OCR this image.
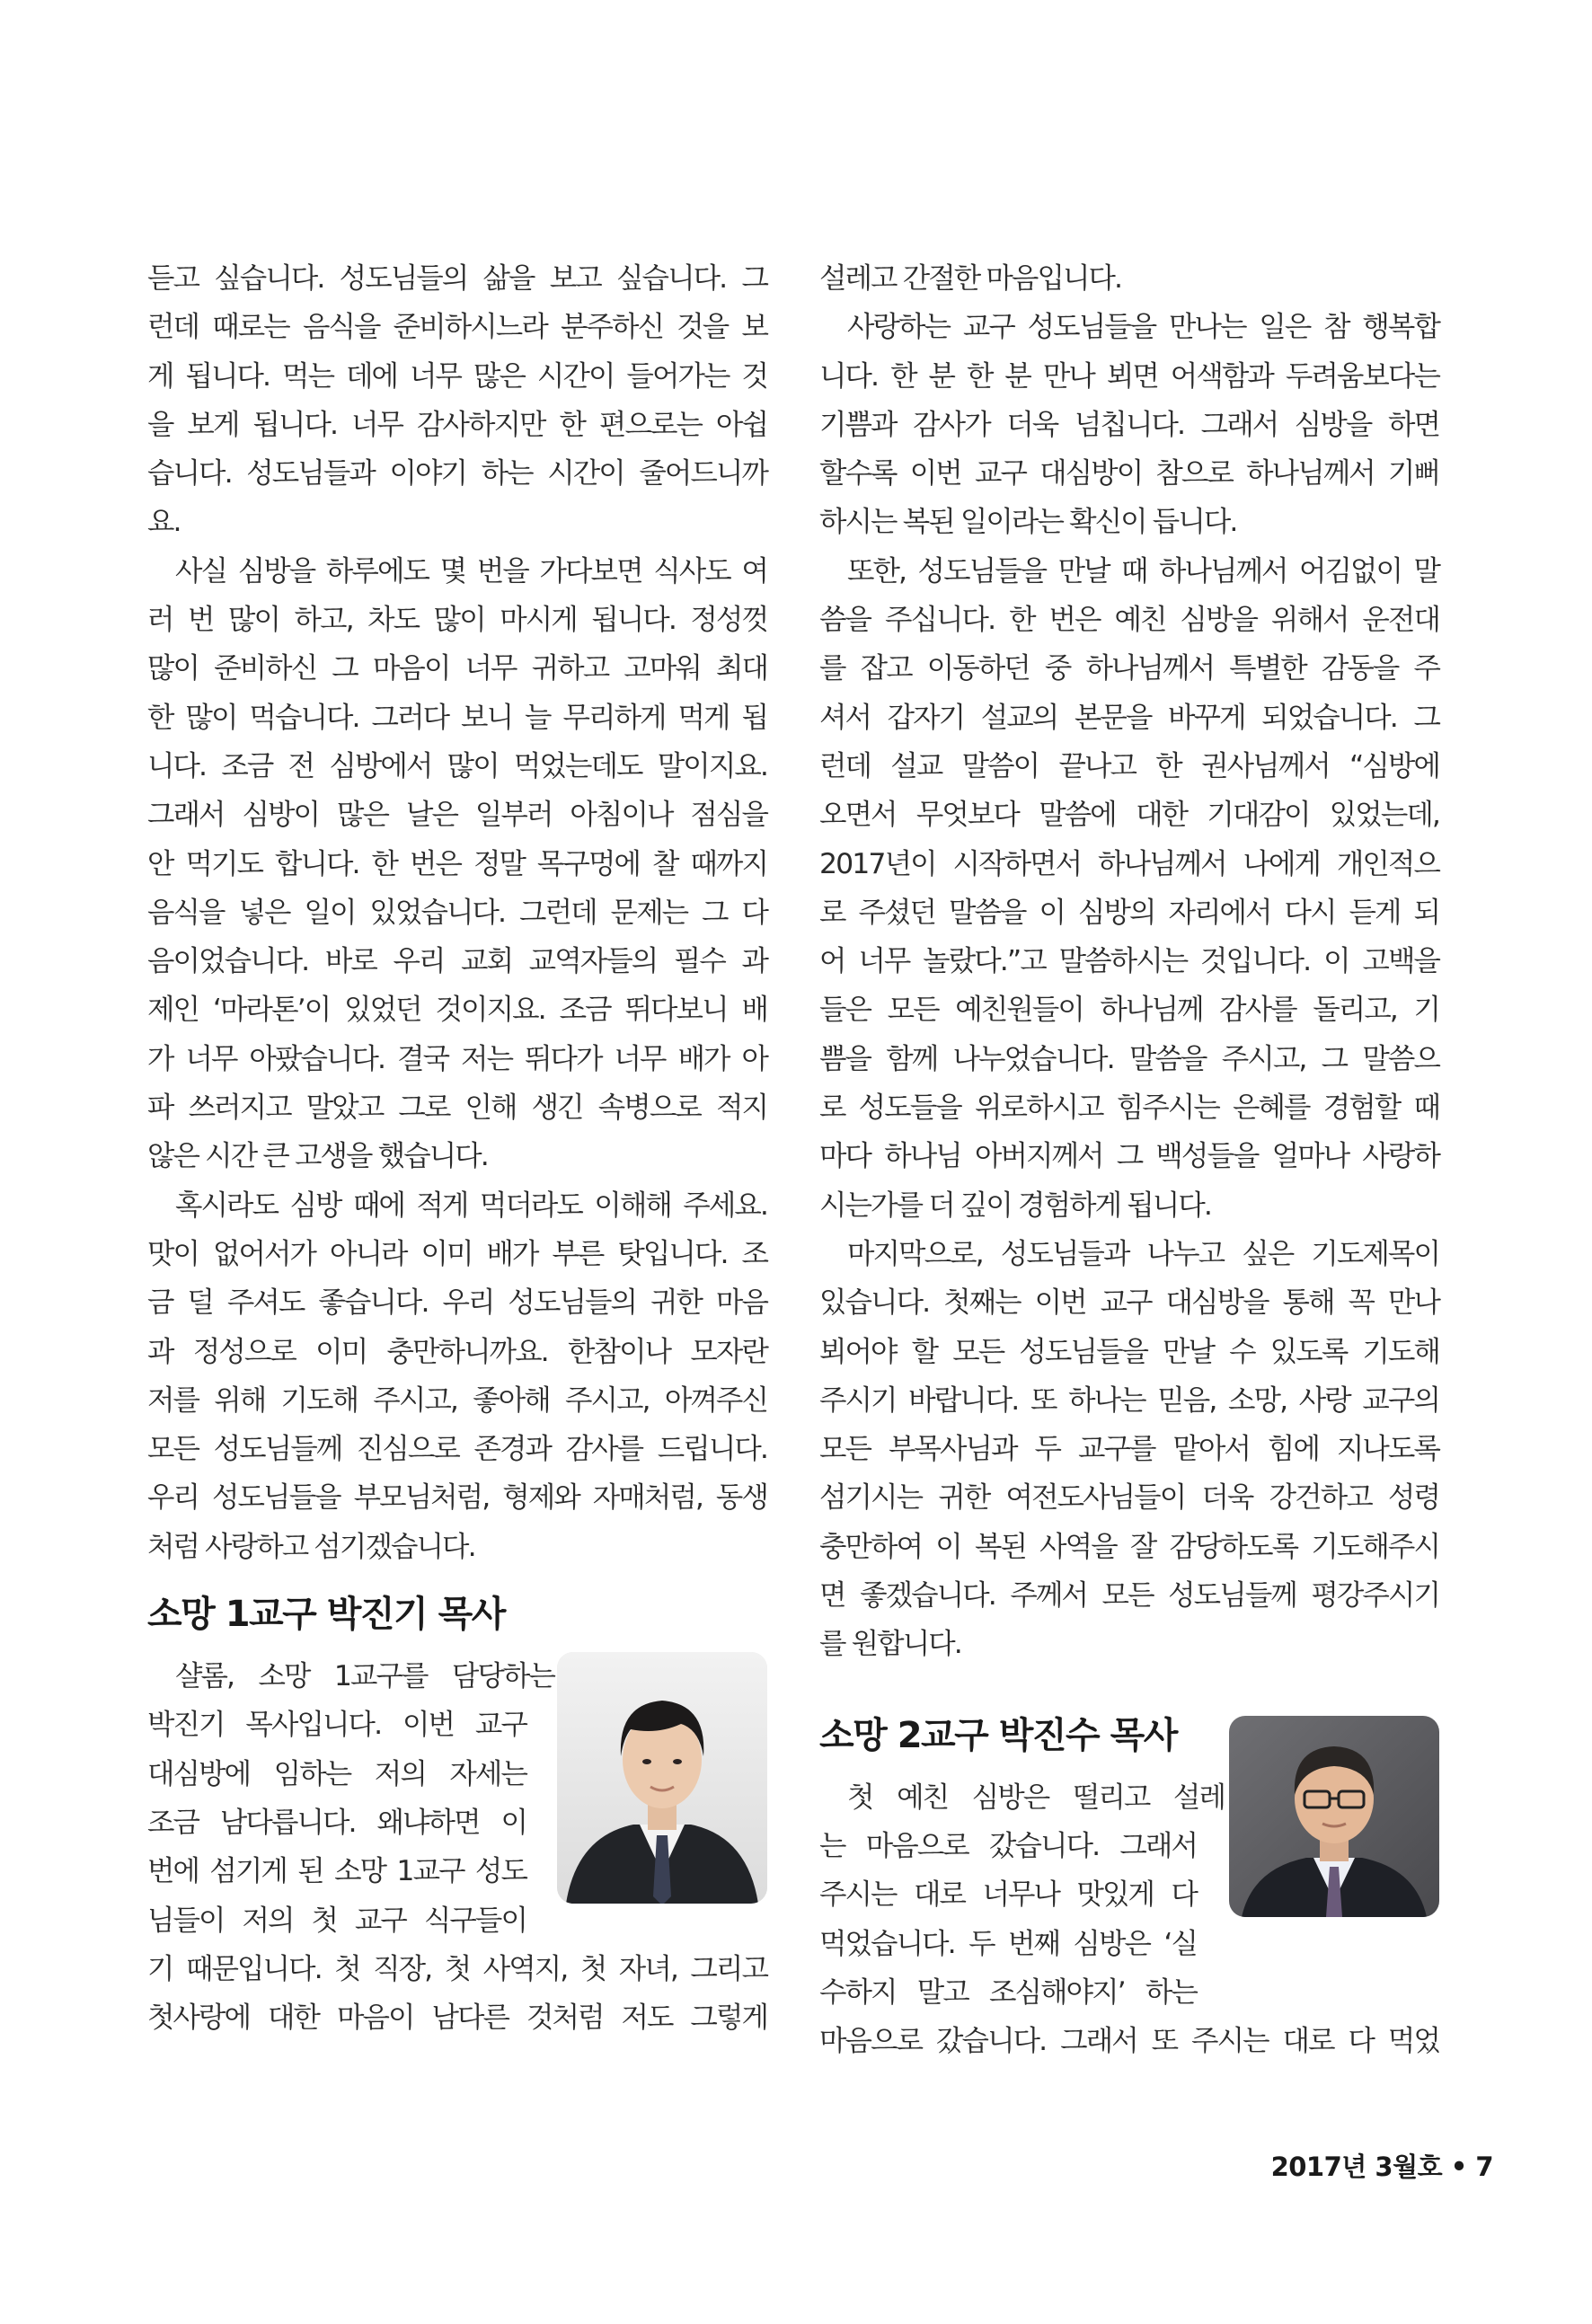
듣고 싶습니다. 성도님들의 삶을 보고 싶습니다. 그
런데 때로는 음식을 준비하시느라 분주하신 것을 보
게 됩니다. 먹는 데에 너무 많은 시간이 들어가는 것
을 보게 됩니다. 너무 감사하지만 한 편으로는 아쉽
습니다. 성도님들과 이야기 하는 시간이 줄어드니까
요.
사실 심방을 하루에도 몇 번을 가다보면 식사도 여
러 번 많이 하고, 차도 많이 마시게 됩니다. 정성껏
많이 준비하신 그 마음이 너무 귀하고 고마워 최대
한 많이 먹습니다. 그러다 보니 늘 무리하게 먹게 됩
니다. 조금 전 심방에서 많이 먹었는데도 말이지요.
그래서 심방이 많은 날은 일부러 아침이나 점심을
안 먹기도 합니다. 한 번은 정말 목구멍에 찰 때까지
음식을 넣은 일이 있었습니다. 그런데 문제는 그 다
음이었습니다. 바로 우리 교회 교역자들의 필수 과
제인 ‘마라톤’이 있었던 것이지요. 조금 뛰다보니 배
가 너무 아팠습니다. 결국 저는 뛰다가 너무 배가 아
파 쓰러지고 말았고 그로 인해 생긴 속병으로 적지
않은 시간 큰 고생을 했습니다.
혹시라도 심방 때에 적게 먹더라도 이해해 주세요.
맛이 없어서가 아니라 이미 배가 부른 탓입니다. 조
금 덜 주셔도 좋습니다. 우리 성도님들의 귀한 마음
과 정성으로 이미 충만하니까요. 한참이나 모자란
저를 위해 기도해 주시고, 좋아해 주시고, 아껴주신
모든 성도님들께 진심으로 존경과 감사를 드립니다.
우리 성도님들을 부모님처럼, 형제와 자매처럼, 동생
처럼 사랑하고 섬기겠습니다.
소망 1교구 박진기 목사
샬롬, 소망 1교구를 담당하는
박진기 목사입니다. 이번 교구
대심방에 임하는 저의 자세는
조금 남다릅니다. 왜냐하면 이
번에 섬기게 된 소망 1교구 성도
님들이 저의 첫 교구 식구들이
기 때문입니다. 첫 직장, 첫 사역지, 첫 자녀, 그리고
첫사랑에 대한 마음이 남다른 것처럼 저도 그렇게
설레고 간절한 마음입니다.
사랑하는 교구 성도님들을 만나는 일은 참 행복합
니다. 한 분 한 분 만나 뵈면 어색함과 두려움보다는
기쁨과 감사가 더욱 넘칩니다. 그래서 심방을 하면
할수록 이번 교구 대심방이 참으로 하나님께서 기뻐
하시는 복된 일이라는 확신이 듭니다.
또한, 성도님들을 만날 때 하나님께서 어김없이 말
씀을 주십니다. 한 번은 예친 심방을 위해서 운전대
를 잡고 이동하던 중 하나님께서 특별한 감동을 주
셔서 갑자기 설교의 본문을 바꾸게 되었습니다. 그
런데 설교 말씀이 끝나고 한 권사님께서 “심방에
오면서 무엇보다 말씀에 대한 기대감이 있었는데,
2017년이 시작하면서 하나님께서 나에게 개인적으
로 주셨던 말씀을 이 심방의 자리에서 다시 듣게 되
어 너무 놀랐다.”고 말씀하시는 것입니다. 이 고백을
들은 모든 예친원들이 하나님께 감사를 돌리고, 기
쁨을 함께 나누었습니다. 말씀을 주시고, 그 말씀으
로 성도들을 위로하시고 힘주시는 은혜를 경험할 때
마다 하나님 아버지께서 그 백성들을 얼마나 사랑하
시는가를 더 깊이 경험하게 됩니다.
마지막으로, 성도님들과 나누고 싶은 기도제목이
있습니다. 첫째는 이번 교구 대심방을 통해 꼭 만나
뵈어야 할 모든 성도님들을 만날 수 있도록 기도해
주시기 바랍니다. 또 하나는 믿음, 소망, 사랑 교구의
모든 부목사님과 두 교구를 맡아서 힘에 지나도록
섬기시는 귀한 여전도사님들이 더욱 강건하고 성령
충만하여 이 복된 사역을 잘 감당하도록 기도해주시
면 좋겠습니다. 주께서 모든 성도님들께 평강주시기
를 원합니다.
소망 2교구 박진수 목사
첫 예친 심방은 떨리고 설레
는 마음으로 갔습니다. 그래서
주시는 대로 너무나 맛있게 다
먹었습니다. 두 번째 심방은 ‘실
수하지 말고 조심해야지’ 하는
마음으로 갔습니다. 그래서 또 주시는 대로 다 먹었
2017년 3월호 • 7
